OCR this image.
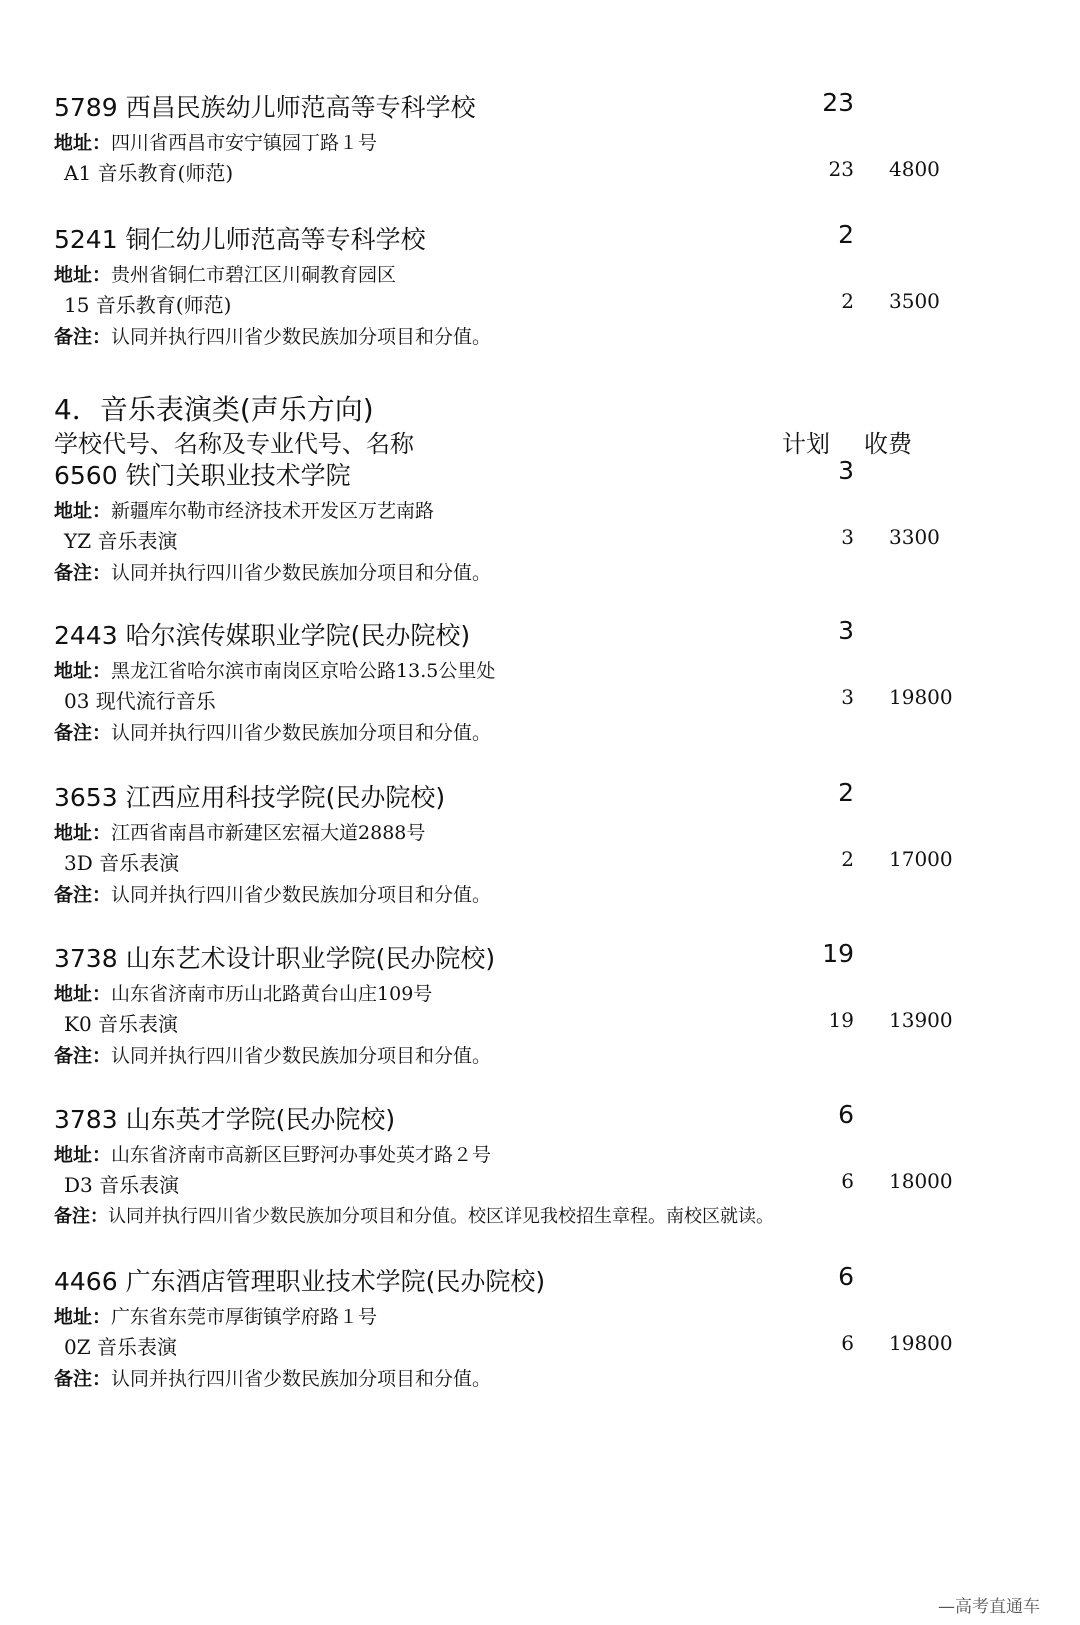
5789 西昌民族幼儿师范高等专科学校	23
地址：四川省西昌市安宁镇园丁路１号
A1 音乐教育(师范)	23 4800
5241 铜仁幼儿师范高等专科学校	2
地址：贵州省铜仁市碧江区川硐教育园区
15 音乐教育(师范)	2 3500
备注：认同并执行四川省少数民族加分项目和分值。
4．音乐表演类(声乐方向)
学校代号、名称及专业代号、名称	计划 收费
6560 铁门关职业技术学院	3
地址：新疆库尔勒市经济技术开发区万艺南路
YZ 音乐表演	3 3300
备注：认同并执行四川省少数民族加分项目和分值。
2443 哈尔滨传媒职业学院(民办院校)	3
地址：黑龙江省哈尔滨市南岗区京哈公路13.5公里处
03 现代流行音乐	3 19800
备注：认同并执行四川省少数民族加分项目和分值。
3653 江西应用科技学院(民办院校)	2
地址：江西省南昌市新建区宏福大道2888号
3D 音乐表演	2 17000
备注：认同并执行四川省少数民族加分项目和分值。
3738 山东艺术设计职业学院(民办院校)	19
地址：山东省济南市历山北路黄台山庄109号
K0 音乐表演	19 13900
备注：认同并执行四川省少数民族加分项目和分值。
3783 山东英才学院(民办院校)	6
地址：山东省济南市高新区巨野河办事处英才路２号
D3 音乐表演	6 18000
备注：认同并执行四川省少数民族加分项目和分值。校区详见我校招生章程。南校区就读。
4466 广东酒店管理职业技术学院(民办院校)	6
地址：广东省东莞市厚街镇学府路１号
0Z 音乐表演	6 19800
备注：认同并执行四川省少数民族加分项目和分值。
—高考直通车
